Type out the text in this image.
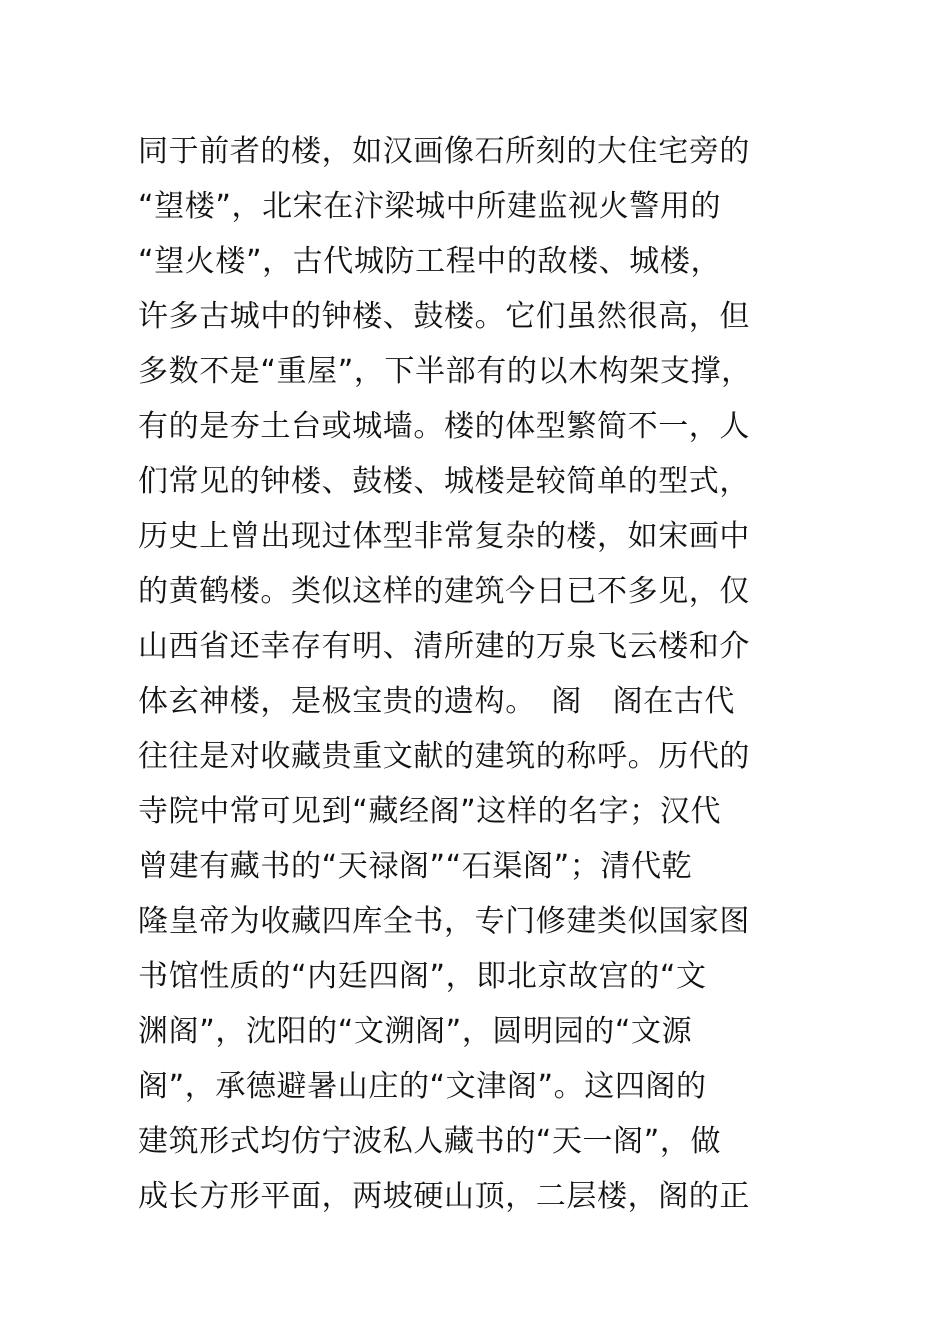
同于前者的楼，如汉画像石所刻的大住宅旁的
“望楼”，北宋在汴梁城中所建监视火警用的
“望火楼”，古代城防工程中的敌楼、城楼，
许多古城中的钟楼、鼓楼。它们虽然很高，但
多数不是“重屋”，下半部有的以木构架支撑，
有的是夯土台或城墙。楼的体型繁简不一，人
们常见的钟楼、鼓楼、城楼是较简单的型式，
历史上曾出现过体型非常复杂的楼，如宋画中
的黄鹤楼。类似这样的建筑今日已不多见，仅
山西省还幸存有明、清所建的万泉飞云楼和介
体玄神楼，是极宝贵的遗构。　阁　阁在古代
往往是对收藏贵重文献的建筑的称呼。历代的
寺院中常可见到“藏经阁”这样的名字；汉代
曾建有藏书的“天禄阁”“石渠阁”；清代乾
隆皇帝为收藏四库全书，专门修建类似国家图
书馆性质的“内廷四阁”，即北京故宫的“文
渊阁”，沈阳的“文溯阁”，圆明园的“文源
阁”，承德避暑山庄的“文津阁”。这四阁的
建筑形式均仿宁波私人藏书的“天一阁”，做
成长方形平面，两坡硬山顶，二层楼，阁的正
